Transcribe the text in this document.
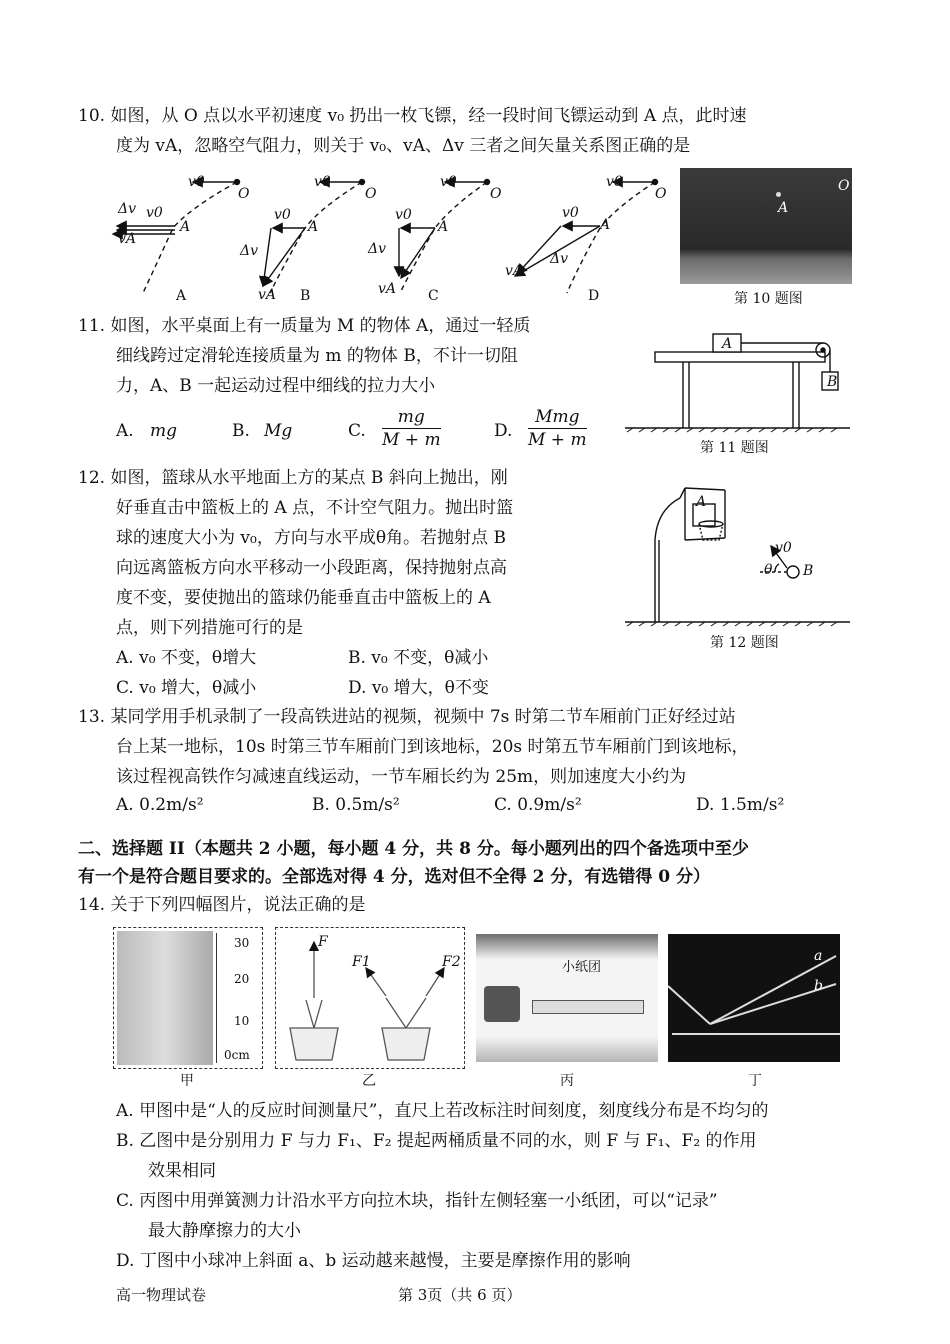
10. 如图，从 O 点以水平初速度 v₀ 扔出一枚飞镖，经一段时间飞镖运动到 A 点，此时速
度为 vA，忽略空气阻力，则关于 v₀、vA、Δv 三者之间矢量关系图正确的是
v0
O
Δv v0
A
vA
v0
O
v0
A
Δv
vA
v0
O
v0
A
Δv
vA
v0
O
v0
A
Δv
vA
A	B	C	D
O
A
第 10 题图
11. 如图，水平桌面上有一质量为 M 的物体 A，通过一轻质
细线跨过定滑轮连接质量为 m 的物体 B，不计一切阻
力，A、B 一起运动过程中细线的拉力大小
A. mg	B. Mg	C. $\frac{mg}{M + m}$	D.
Mmg
M + m
A
B
第 11 题图
12. 如图，篮球从水平地面上方的某点 B 斜向上抛出，刚
好垂直击中篮板上的 A 点，不计空气阻力。抛出时篮
球的速度大小为 v₀，方向与水平成θ角。若抛射点 B
向远离篮板方向水平移动一小段距离，保持抛射点高
度不变，要使抛出的篮球仍能垂直击中篮板上的 A
点，则下列措施可行的是
A. v₀ 不变，θ增大	B. v₀ 不变，θ减小
C. v₀ 增大，θ减小	D. v₀ 增大，θ不变
A
v0
θ B
第 12 题图
13. 某同学用手机录制了一段高铁进站的视频，视频中 7s 时第二节车厢前门正好经过站
台上某一地标，10s 时第三节车厢前门到该地标，20s 时第五节车厢前门到该地标，
该过程视高铁作匀减速直线运动，一节车厢长约为 25m，则加速度大小约为
A. 0.2m/s²	B. 0.5m/s²	C. 0.9m/s²	D. 1.5m/s²
二、选择题 II（本题共 2 小题，每小题 4 分，共 8 分。每小题列出的四个备选项中至少
有一个是符合题目要求的。全部选对得 4 分，选对但不全得 2 分，有选错得 0 分）
14. 关于下列四幅图片，说法正确的是
30
20
10
0cm
F
F1	F2	小纸团
a
b
甲	乙	丙	丁
A. 甲图中是“人的反应时间测量尺”，直尺上若改标注时间刻度，刻度线分布是不均匀的
B. 乙图中是分别用力 F 与力 F₁、F₂ 提起两桶质量不同的水，则 F 与 F₁、F₂ 的作用
效果相同
C. 丙图中用弹簧测力计沿水平方向拉木块，指针左侧轻塞一小纸团，可以“记录”
最大静摩擦力的大小
D. 丁图中小球冲上斜面 a、b 运动越来越慢，主要是摩擦作用的影响
高一物理试卷	第 3页（共 6 页）
